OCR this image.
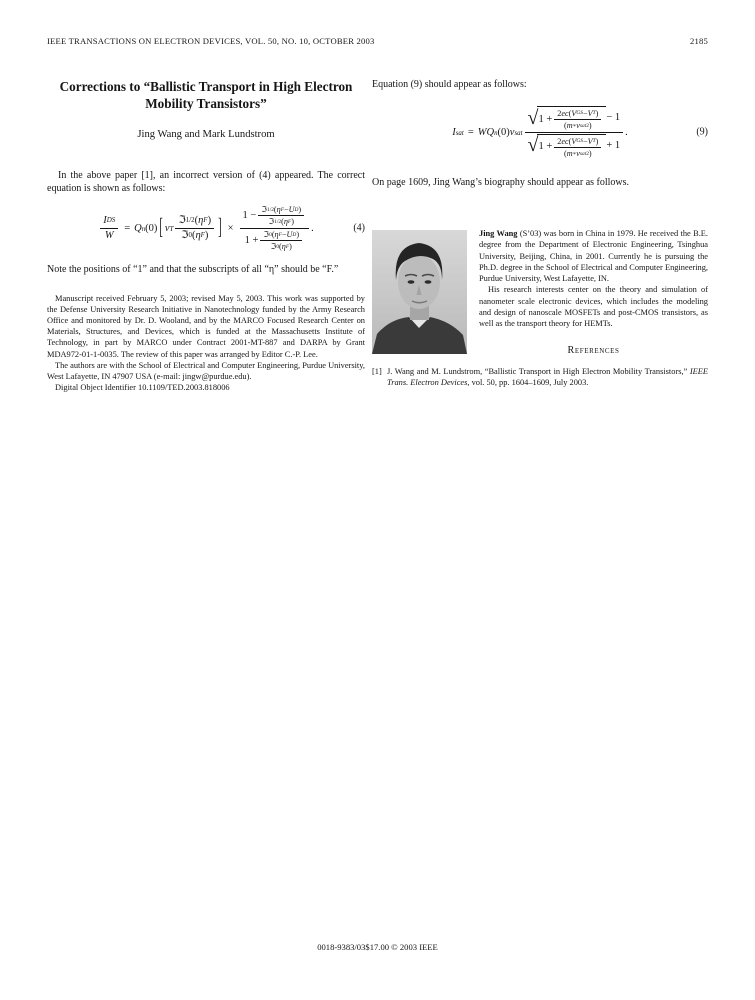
IEEE TRANSACTIONS ON ELECTRON DEVICES, VOL. 50, NO. 10, OCTOBER 2003	2185
Corrections to “Ballistic Transport in High Electron
Mobility Transistors”
Jing Wang and Mark Lundstrom

In the above paper [1], an incorrect version of (4) appeared. The correct equation is shown as follows:

$\frac{\text{I DS}}{W} = Q_n(0)$ [ $v_T \frac{\text{ℑ 1/2 ( η F )}}{\text{ℑ 0 ( η F )}}$ ] ×
$1 - \frac{\text{ℑ 1/2 ( η F − U D )}}{\text{ℑ 1/2 ( η F )}}$
$1 + \frac{\text{ℑ 0 ( η F − U D )}}{\text{ℑ 0 ( η F )}}$
.	(4)

Note the positions of “1” and that the subscripts of all “η” should be “F.”

Manuscript received February 5, 2003; revised May 5, 2003. This work was supported by the Defense University Research Initiative in Nanotechnology funded by the Army Research Office and monitored by Dr. D. Wooland, and by the MARCO Focused Research Center on Materials, Structures, and Devices, which is funded at the Massachusetts Institute of Technology, in part by MARCO under Contract 2001-MT-887 and DARPA by Grant MDA972-01-1-0035. The review of this paper was arranged by Editor C.-P. Lee.

The authors are with the School of Electrical and Computer Engineering, Purdue University, West Lafayette, IN 47907 USA (e-mail: jingw@purdue.edu).

Digital Object Identifier 10.1109/TED.2003.818006

Equation (9) should appear as follows:

$I_{sat} = WQ_n(0)v_{sat}$
√ $1 + \frac{\text{2 ec ( V GS − V T )}}{\text{( m ∗ v sat 2 )}} - 1$
√ $1 + \frac{\text{2 ec ( V GS − V T )}}{\text{( m ∗ v sat 2 )}} + 1$
.	(9)

On page 1609, Jing Wang’s biography should appear as follows.

Jing Wang (S’03) was born in China in 1979. He received the B.E. degree from the Department of Electronic Engineering, Tsinghua University, Beijing, China, in 2001. Currently he is pursuing the Ph.D. degree in the School of Electrical and Computer Engineering, Purdue University, West Lafayette, IN.

His research interests center on the theory and simulation of nanometer scale electronic devices, which includes the modeling and design of nanoscale MOSFETs and post-CMOS transistors, as well as the transport theory for HEMTs.

References
[1] J. Wang and M. Lundstrom, “Ballistic Transport in High Electron Mobility Transistors,” IEEE Trans. Electron Devices, vol. 50, pp. 1604–1609, July 2003.
0018-9383/03$17.00 © 2003 IEEE
